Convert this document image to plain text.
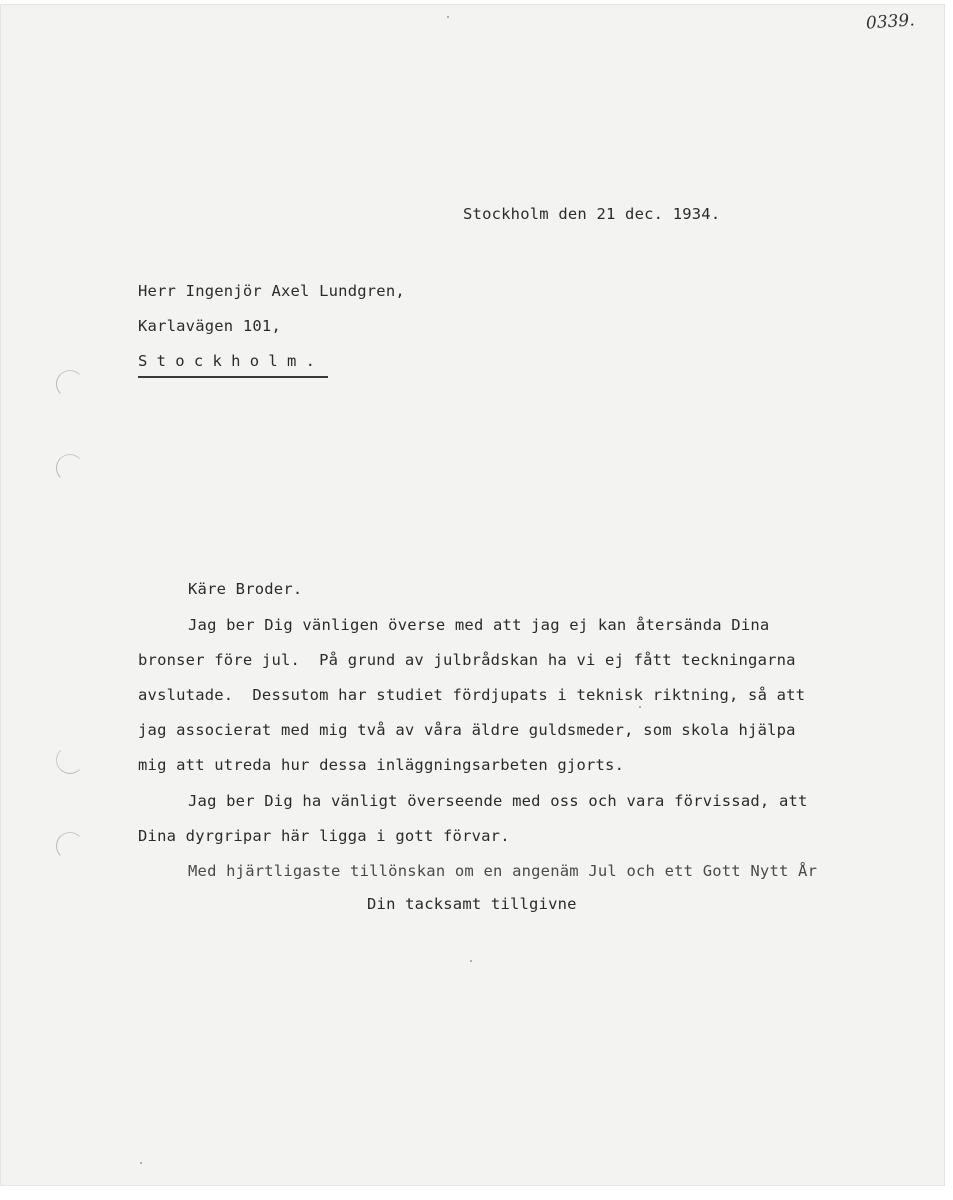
0339.
Stockholm den 21 dec. 1934.
Herr Ingenjör Axel Lundgren,
Karlavägen 101,
Stockholm.
Käre Broder.
Jag ber Dig vänligen överse med att jag ej kan återsända Dina
bronser före jul.  På grund av julbrådskan ha vi ej fått teckningarna
avslutade.  Dessutom har studiet fördjupats i teknisk riktning, så att
jag associerat med mig två av våra äldre guldsmeder, som skola hjälpa
mig att utreda hur dessa inläggningsarbeten gjorts.
Jag ber Dig ha vänligt överseende med oss och vara förvissad, att
Dina dyrgripar här ligga i gott förvar.
Med hjärtligaste tillönskan om en angenäm Jul och ett Gott Nytt År
Din tacksamt tillgivne
